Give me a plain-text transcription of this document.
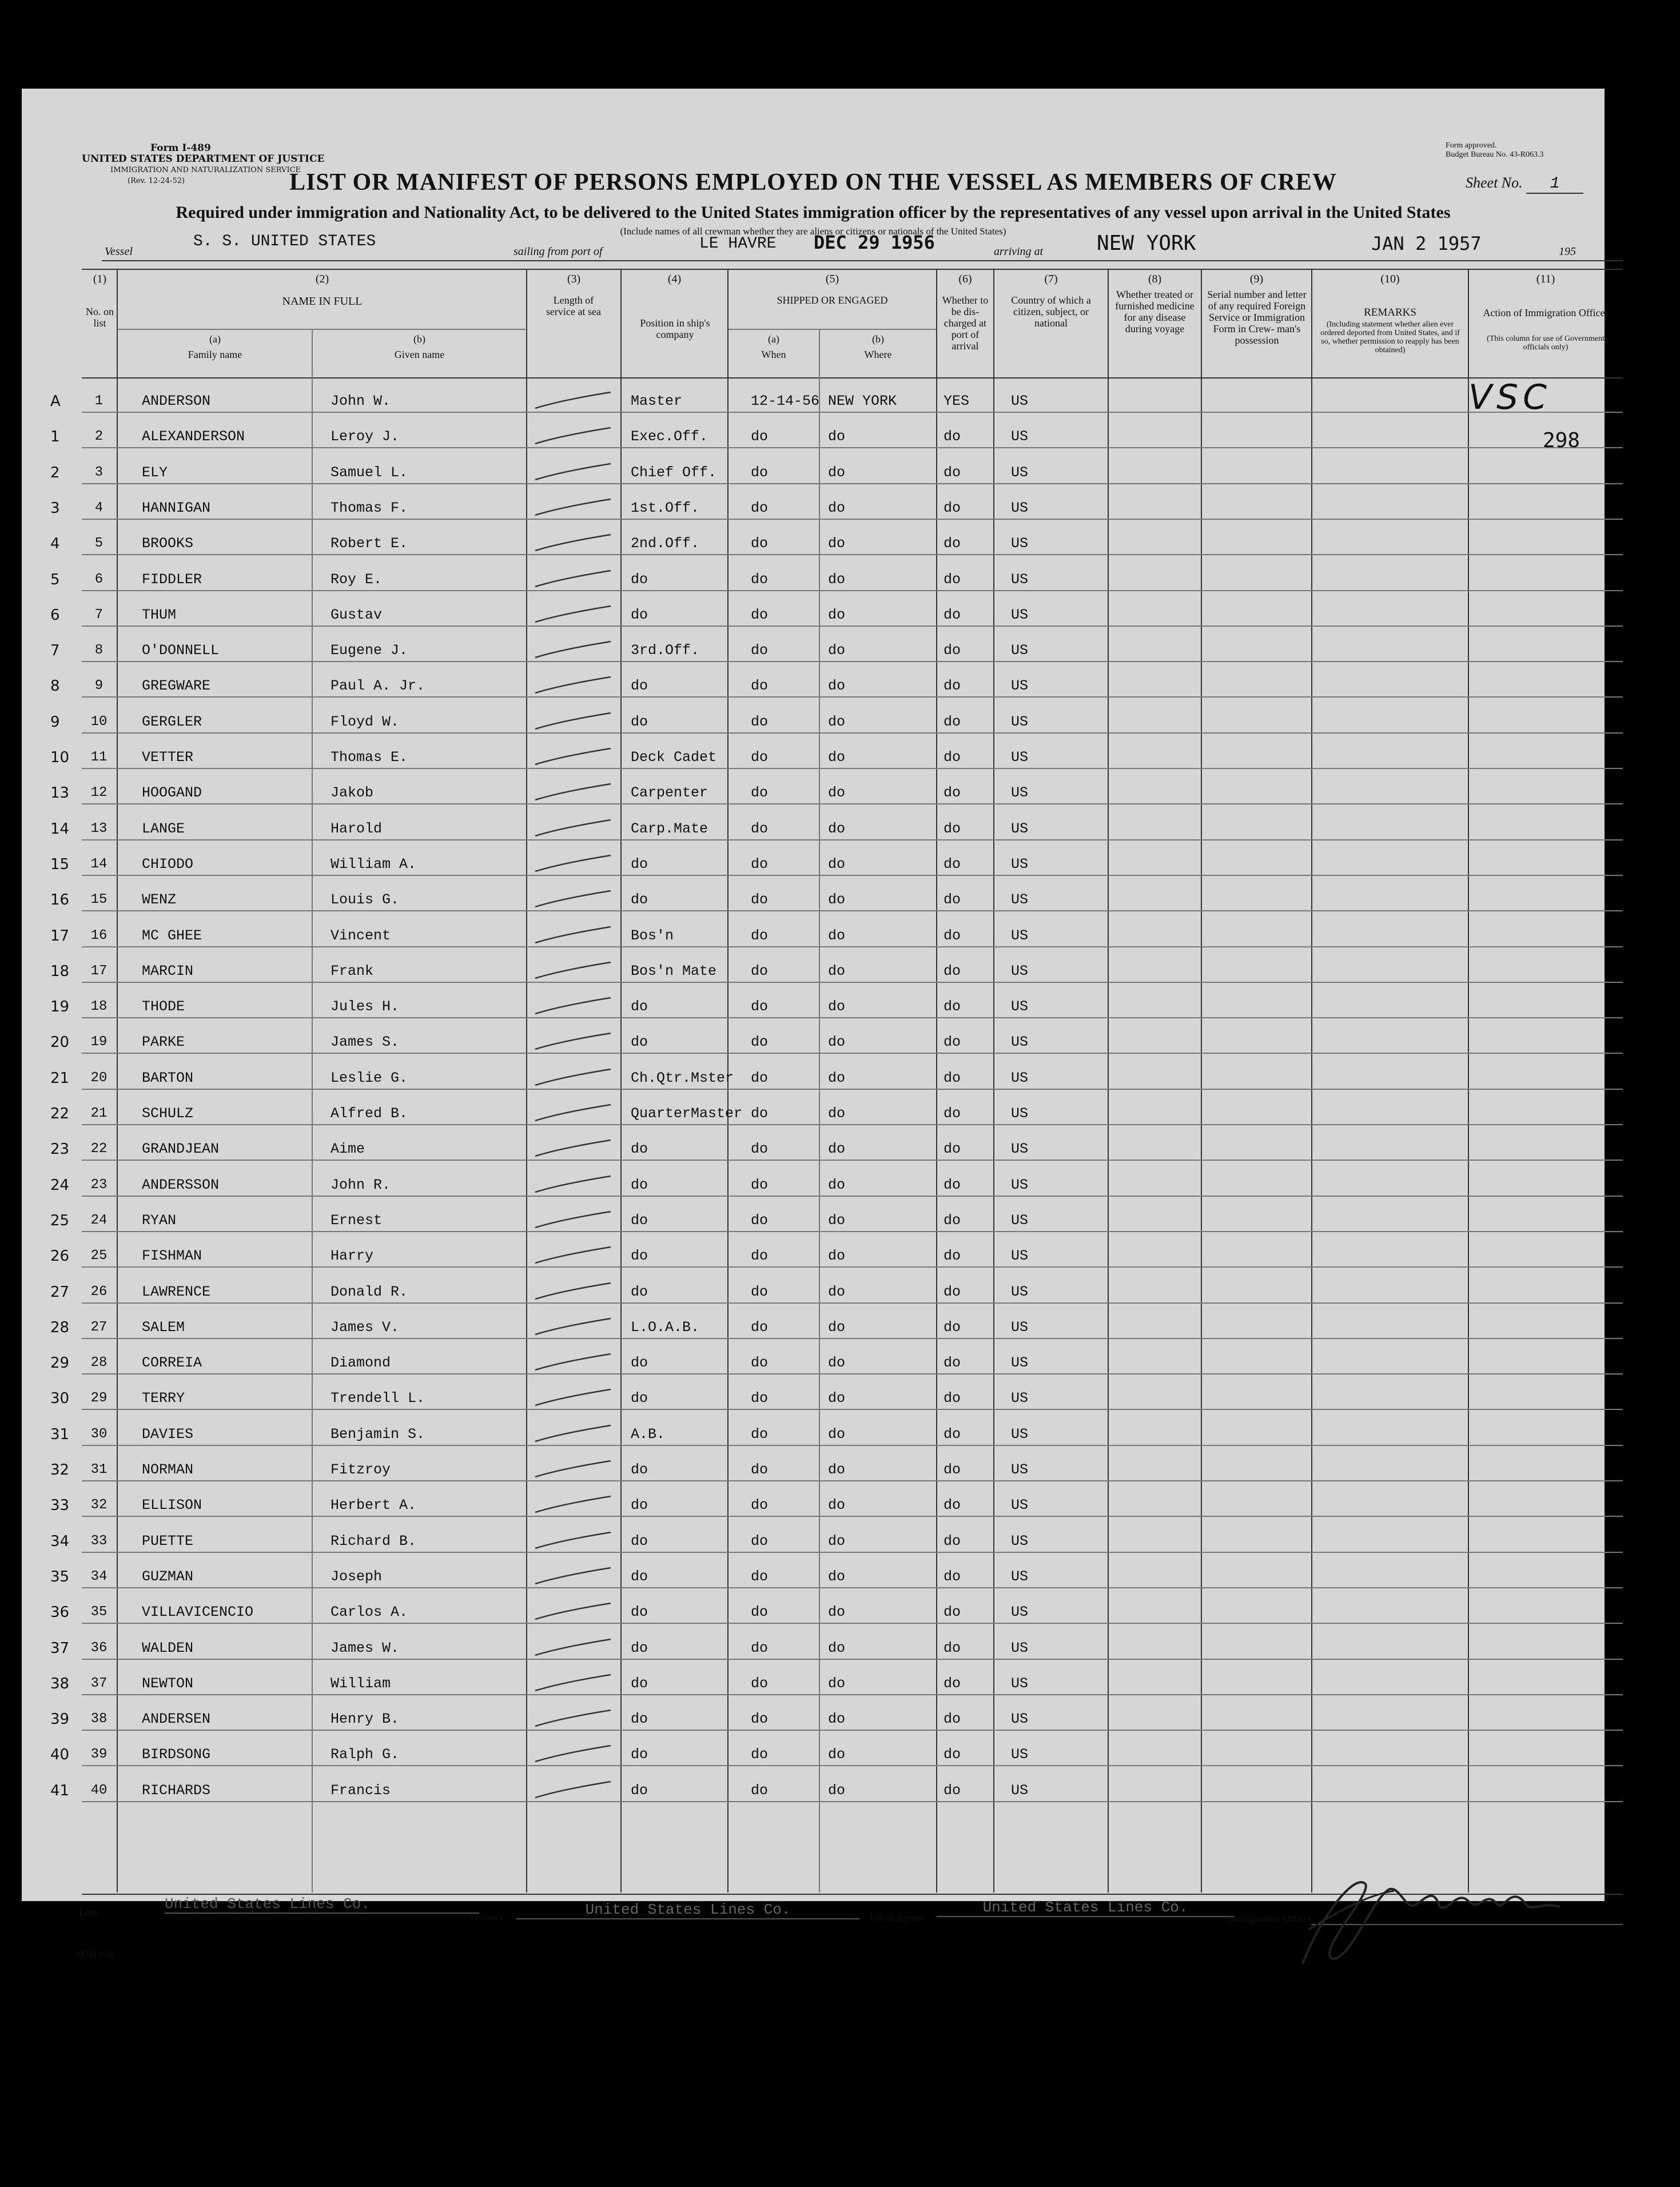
Form I-489
UNITED STATES DEPARTMENT OF JUSTICE
IMMIGRATION AND NATURALIZATION SERVICE
(Rev. 12-24-52)
Form approved.
Budget Bureau No. 43-R063.3
LIST OR MANIFEST OF PERSONS EMPLOYED ON THE VESSEL AS MEMBERS OF CREW	Sheet No. 1
Required under immigration and Nationality Act, to be delivered to the United States immigration officer by the representatives of any vessel upon arrival in the United States
(Include names of all crewman whether they are aliens or citizens or nationals of the United States)
Vessel
S. S. UNITED STATES
sailing from port of	LE HAVRE DEC 29 1956	arriving at	NEW YORK	JAN 2 1957	195
(1)
No. on list
(2)
NAME IN FULL
(a)
Family name
(b)
Given name
(3)
Length of service at sea
(4)
Position in ship's company
(5)
SHIPPED OR ENGAGED
(a)
When
(b)
Where
(6)
Whether to be dis- charged at port of arrival
(7)
Country of which a citizen, subject, or national
(8)
Whether treated or furnished medicine for any disease during voyage
(9)
Serial number and letter of any required Foreign Service or Immigration Form in Crew- man's possession
(10)
REMARKS
(Including statement whether alien ever ordered deported from United States, and if so, whether permission to reapply has been obtained)
(11)
Action of Immigration Officer
(This column for use of Government officials only)
A	1	ANDERSON	John W.	Master	12-14-56 NEW YORK	YES	US
1	2	ALEXANDERSON	Leroy J.	Exec.Off.	do	do	do	US
2	3	ELY	Samuel L.	Chief Off. do	do	do	US
3	4	HANNIGAN	Thomas F.	1st.Off.	do	do	do	US
4	5	BROOKS	Robert E.	2nd.Off.	do	do	do	US
5	6	FIDDLER	Roy E.	do	do	do	do	US
6	7	THUM	Gustav	do	do	do	do	US
7	8	O'DONNELL	Eugene J.	3rd.Off.	do	do	do	US
8	9	GREGWARE	Paul A. Jr.	do	do	do	do	US
9 10 GERGLER	Floyd W.	do	do	do	do	US
10 11 VETTER	Thomas E.	Deck Cadet do	do	do	US
13 12 HOOGAND	Jakob	Carpenter	do	do	do	US
14 13 LANGE	Harold	Carp.Mate	do	do	do	US
15 14 CHIODO	William A.	do	do	do	do	US
16 15 WENZ	Louis G.	do	do	do	do	US
17 16 MC GHEE	Vincent	Bos'n	do	do	do	US
18 17 MARCIN	Frank	Bos'n Mate do	do	do	US
19 18 THODE	Jules H.	do	do	do	do	US
20 19 PARKE	James S.	do	do	do	do	US
21 20 BARTON	Leslie G.	Ch.Qtr.Mster do	do	do	US
22 21 SCHULZ	Alfred B.	QuarterMaster do	do	do	US
23 22 GRANDJEAN	Aime	do	do	do	do	US
24 23 ANDERSSON	John R.	do	do	do	do	US
25 24 RYAN	Ernest	do	do	do	do	US
26 25 FISHMAN	Harry	do	do	do	do	US
27 26 LAWRENCE	Donald R.	do	do	do	do	US
28 27 SALEM	James V.	L.O.A.B.	do	do	do	US
29 28 CORREIA	Diamond	do	do	do	do	US
30 29 TERRY	Trendell L.	do	do	do	do	US
31 30 DAVIES	Benjamin S.	A.B.	do	do	do	US
32 31 NORMAN	Fitzroy	do	do	do	do	US
33 32 ELLISON	Herbert A.	do	do	do	do	US
34 33 PUETTE	Richard B.	do	do	do	do	US
35 34 GUZMAN	Joseph	do	do	do	do	US
36 35 VILLAVICENCIO	Carlos A.	do	do	do	do	US
37 36 WALDEN	James W.	do	do	do	do	US
38 37 NEWTON	William	do	do	do	do	US
39 38 ANDERSEN	Henry B.	do	do	do	do	US
40 39 BIRDSONG	Ralph G.	do	do	do	do	US
41 40 RICHARDS	Francis	do	do	do	do	US
VSC
298
Line	United States Lines Co.
Owners	United States Lines Co.	Local Agents
United States Lines Co.
Immigration Officer
54713 9-56
